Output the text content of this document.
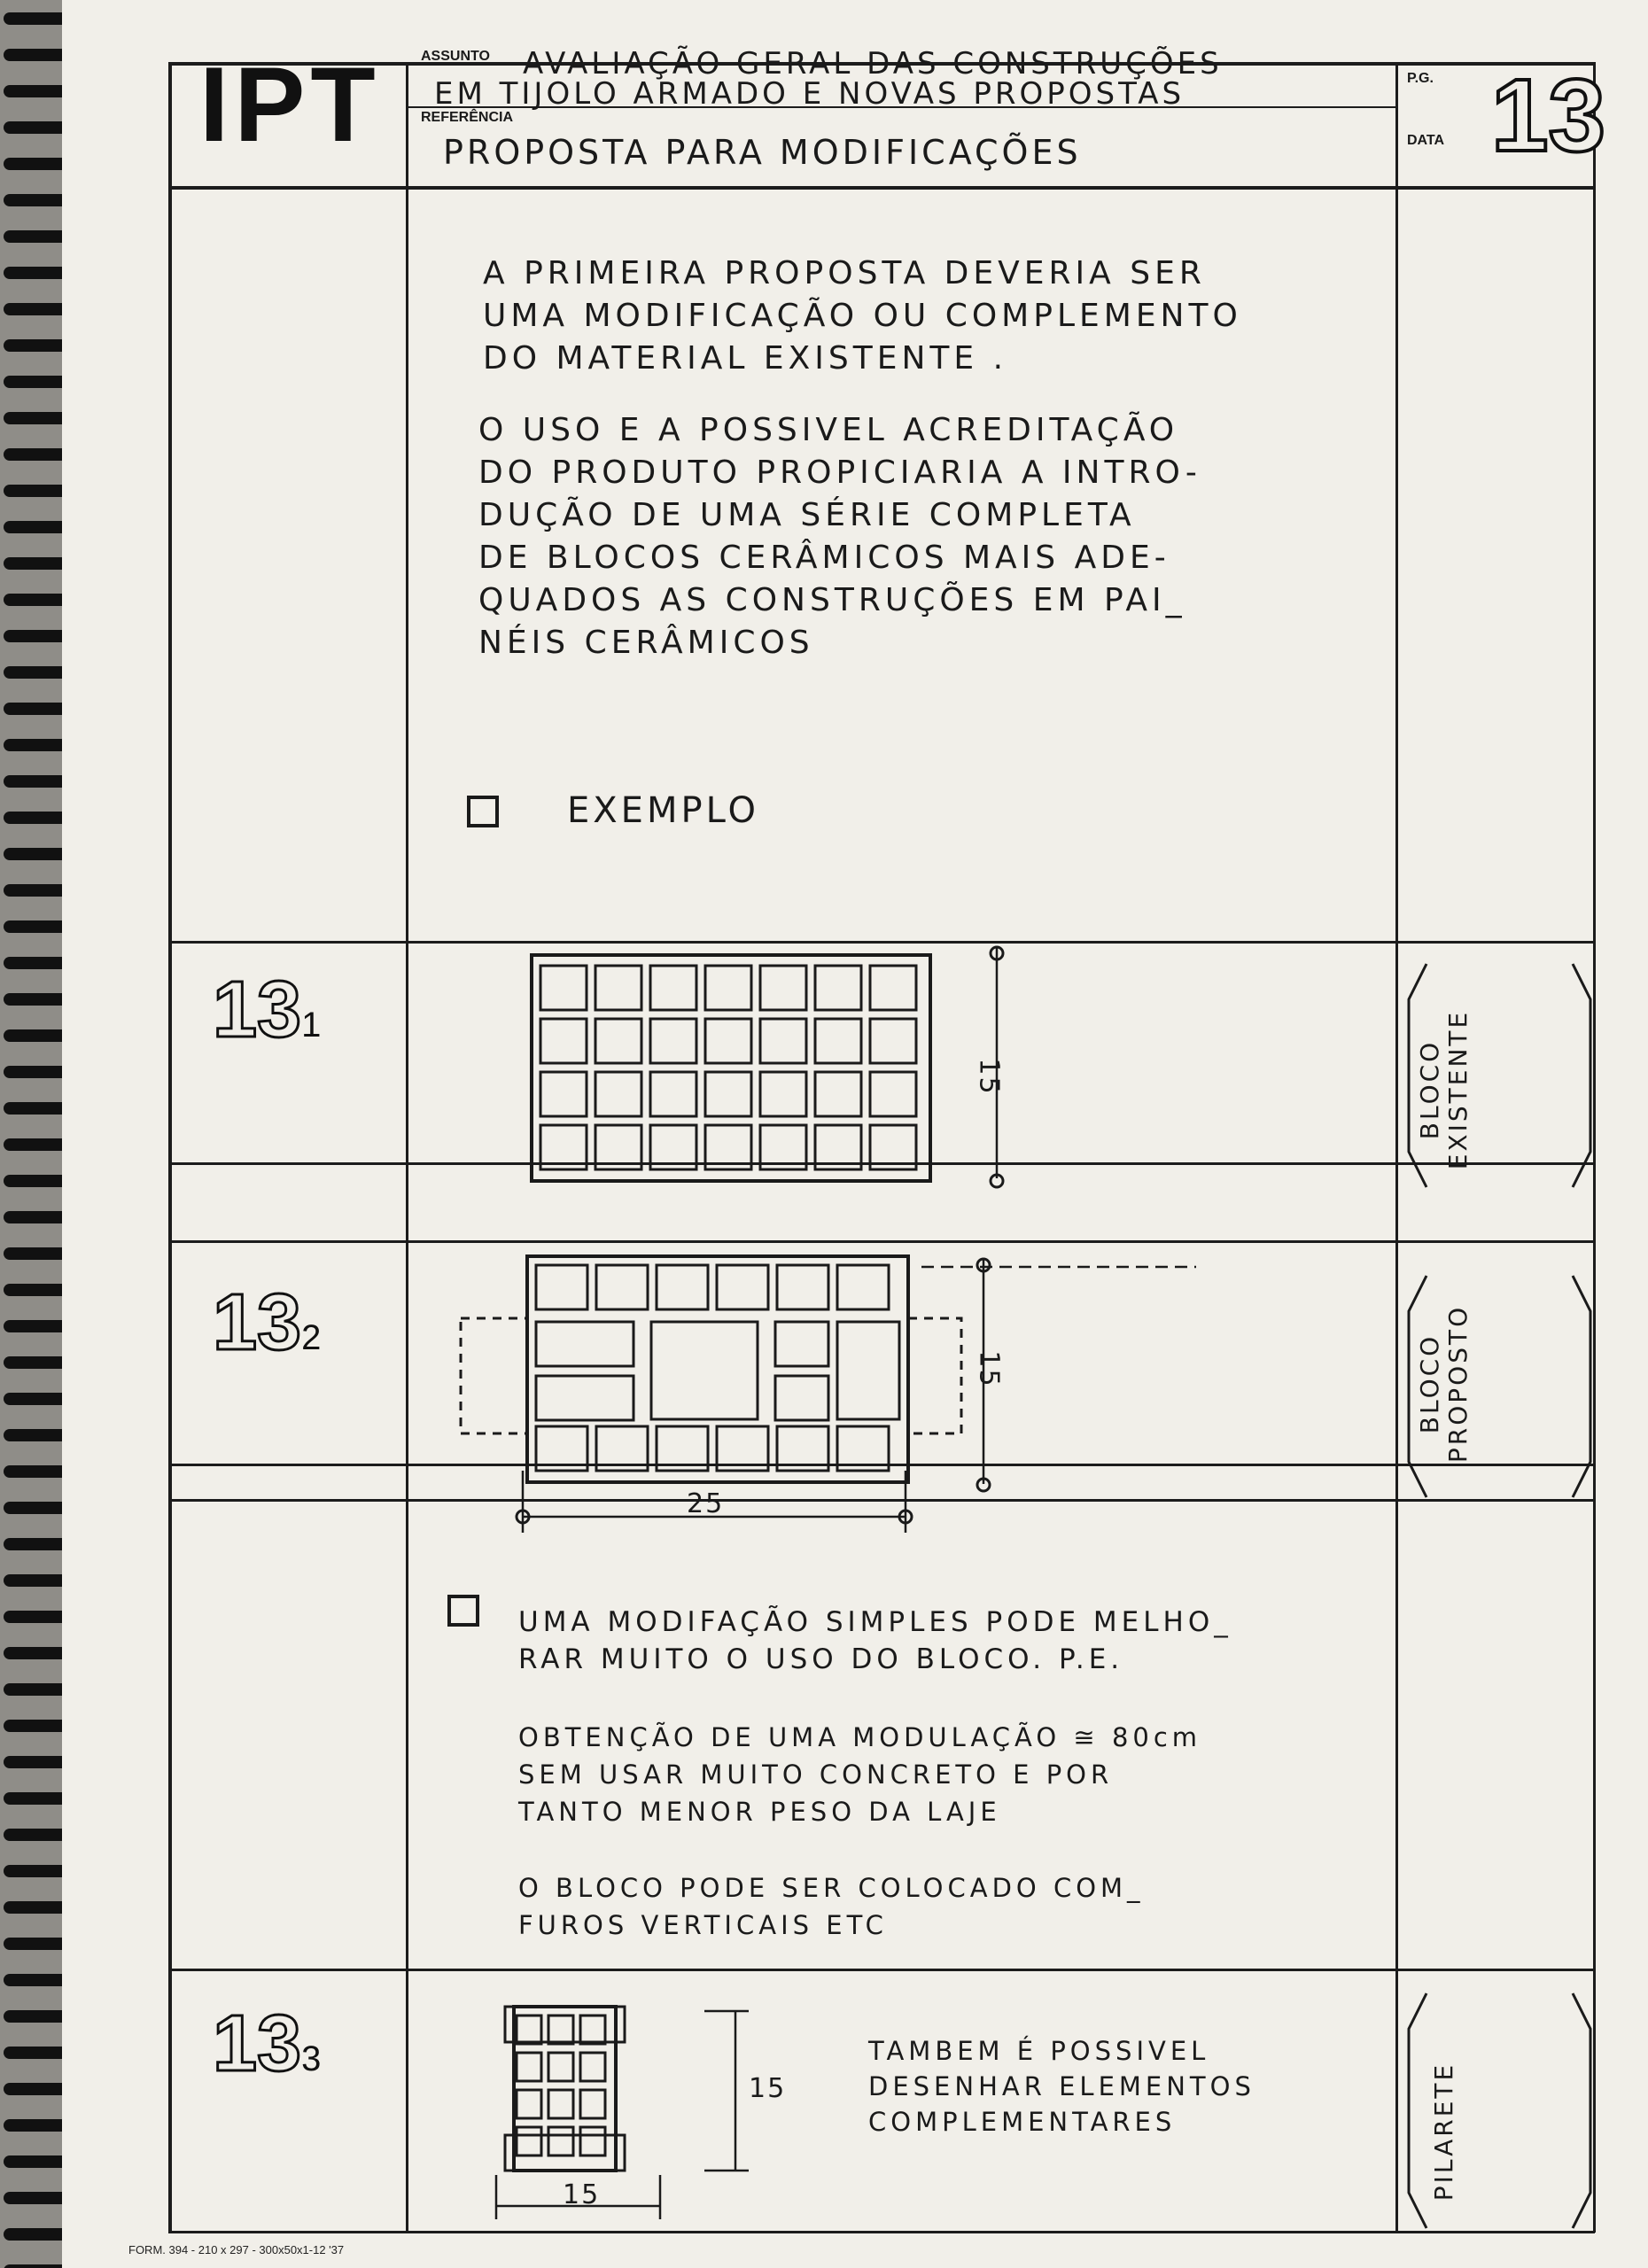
IPT	ASSUNTO AVALIAÇÃO GERAL DAS CONSTRUÇÕES
EM TIJOLO ARMADO E NOVAS PROPOSTAS
REFERÊNCIA
PROPOSTA PARA MODIFICAÇÕES
P.G.
DATA 13
A PRIMEIRA PROPOSTA DEVERIA SER
UMA MODIFICAÇÃO OU COMPLEMENTO
DO MATERIAL EXISTENTE .
O USO E A POSSIVEL ACREDITAÇÃO
DO PRODUTO PROPICIARIA A INTRO-
DUÇÃO DE UMA SÉRIE COMPLETA
DE BLOCOS CERÂMICOS MAIS ADE-
QUADOS AS CONSTRUÇÕES EM PAI_
NÉIS CERÂMICOS
EXEMPLO
131
132
133
BLOCO EXISTENTE
BLOCO PROPOSTO
PILARETE
15
15
25
15
15
UMA MODIFAÇÃO SIMPLES PODE MELHO_
RAR MUITO O USO DO BLOCO. P.E.
OBTENÇÃO DE UMA MODULAÇÃO ≅ 80cm
SEM USAR MUITO CONCRETO E POR
TANTO MENOR PESO DA LAJE
O BLOCO PODE SER COLOCADO COM_
FUROS VERTICAIS ETC
TAMBEM É POSSIVEL
DESENHAR ELEMENTOS
COMPLEMENTARES
FORM. 394 - 210 x 297 - 300x50x1-12 '37
